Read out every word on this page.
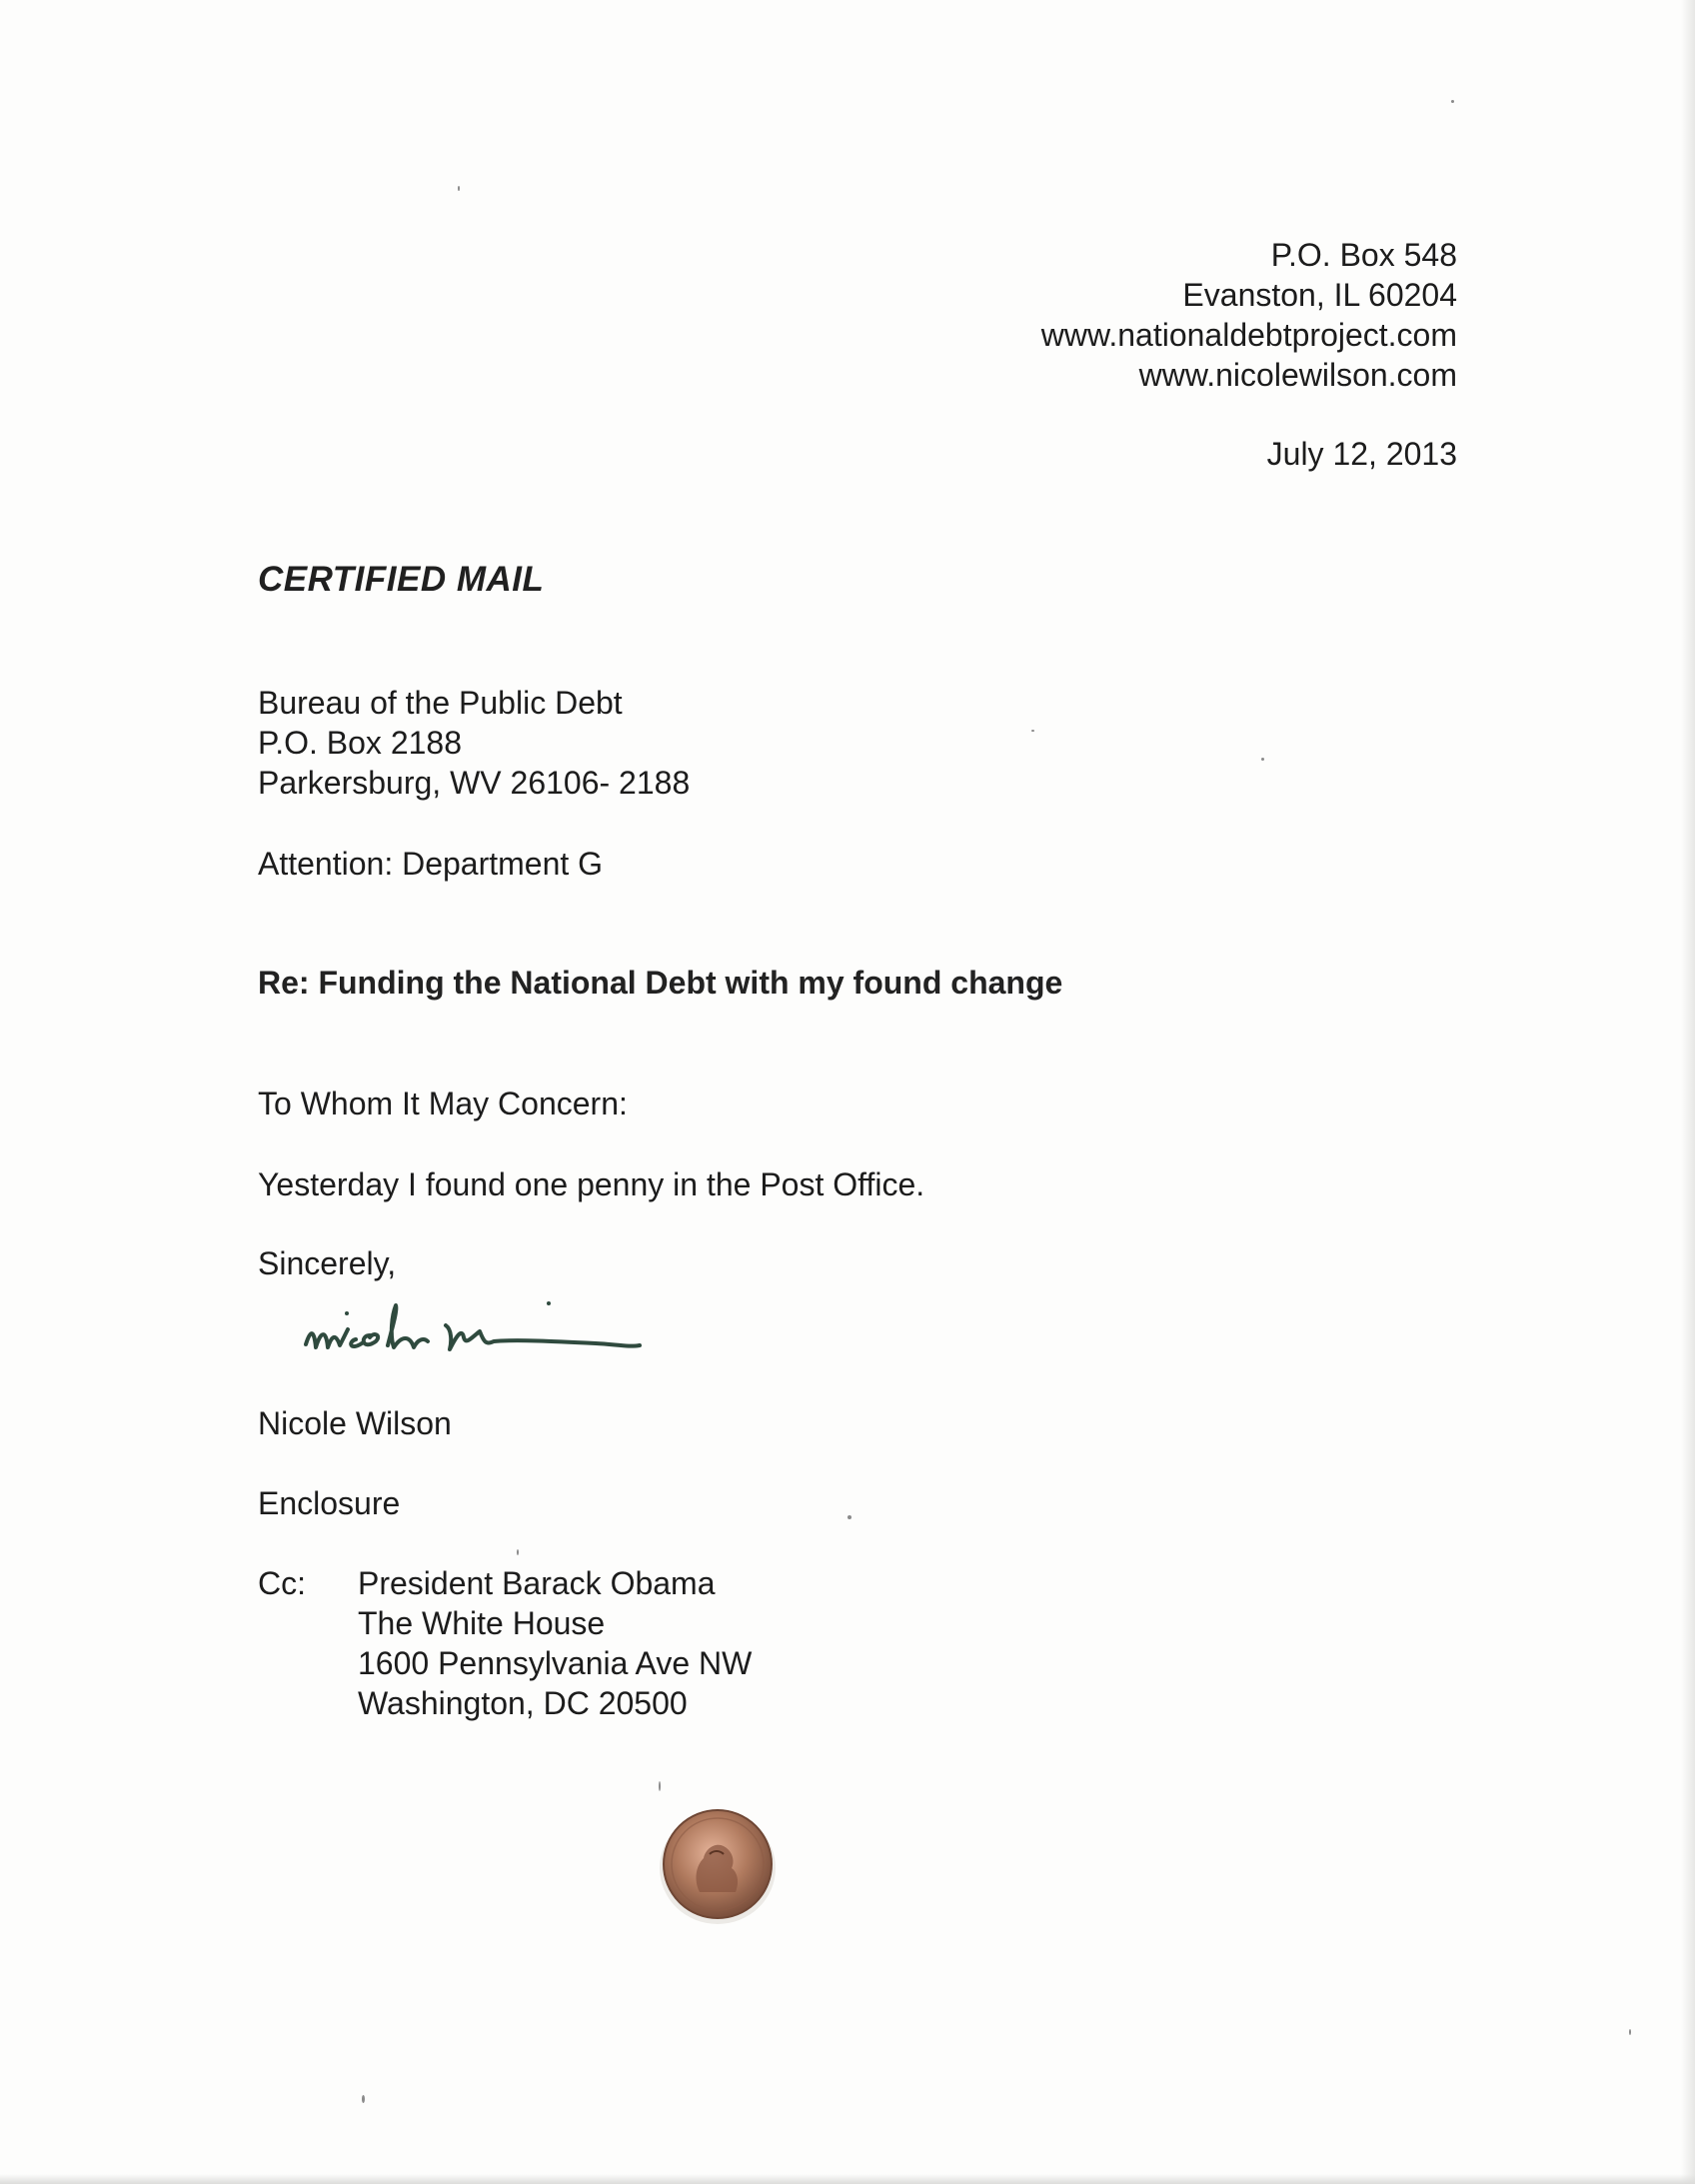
P.O. Box 548
Evanston, IL 60204
www.nationaldebtproject.com
www.nicolewilson.com
July 12, 2013
CERTIFIED MAIL
Bureau of the Public Debt
P.O. Box 2188
Parkersburg, WV 26106- 2188
Attention: Department G
Re: Funding the National Debt with my found change
To Whom It May Concern:
Yesterday I found one penny in the Post Office.
Sincerely,
Nicole Wilson
Enclosure
Cc: President Barack Obama
The White House
1600 Pennsylvania Ave NW
Washington, DC 20500
